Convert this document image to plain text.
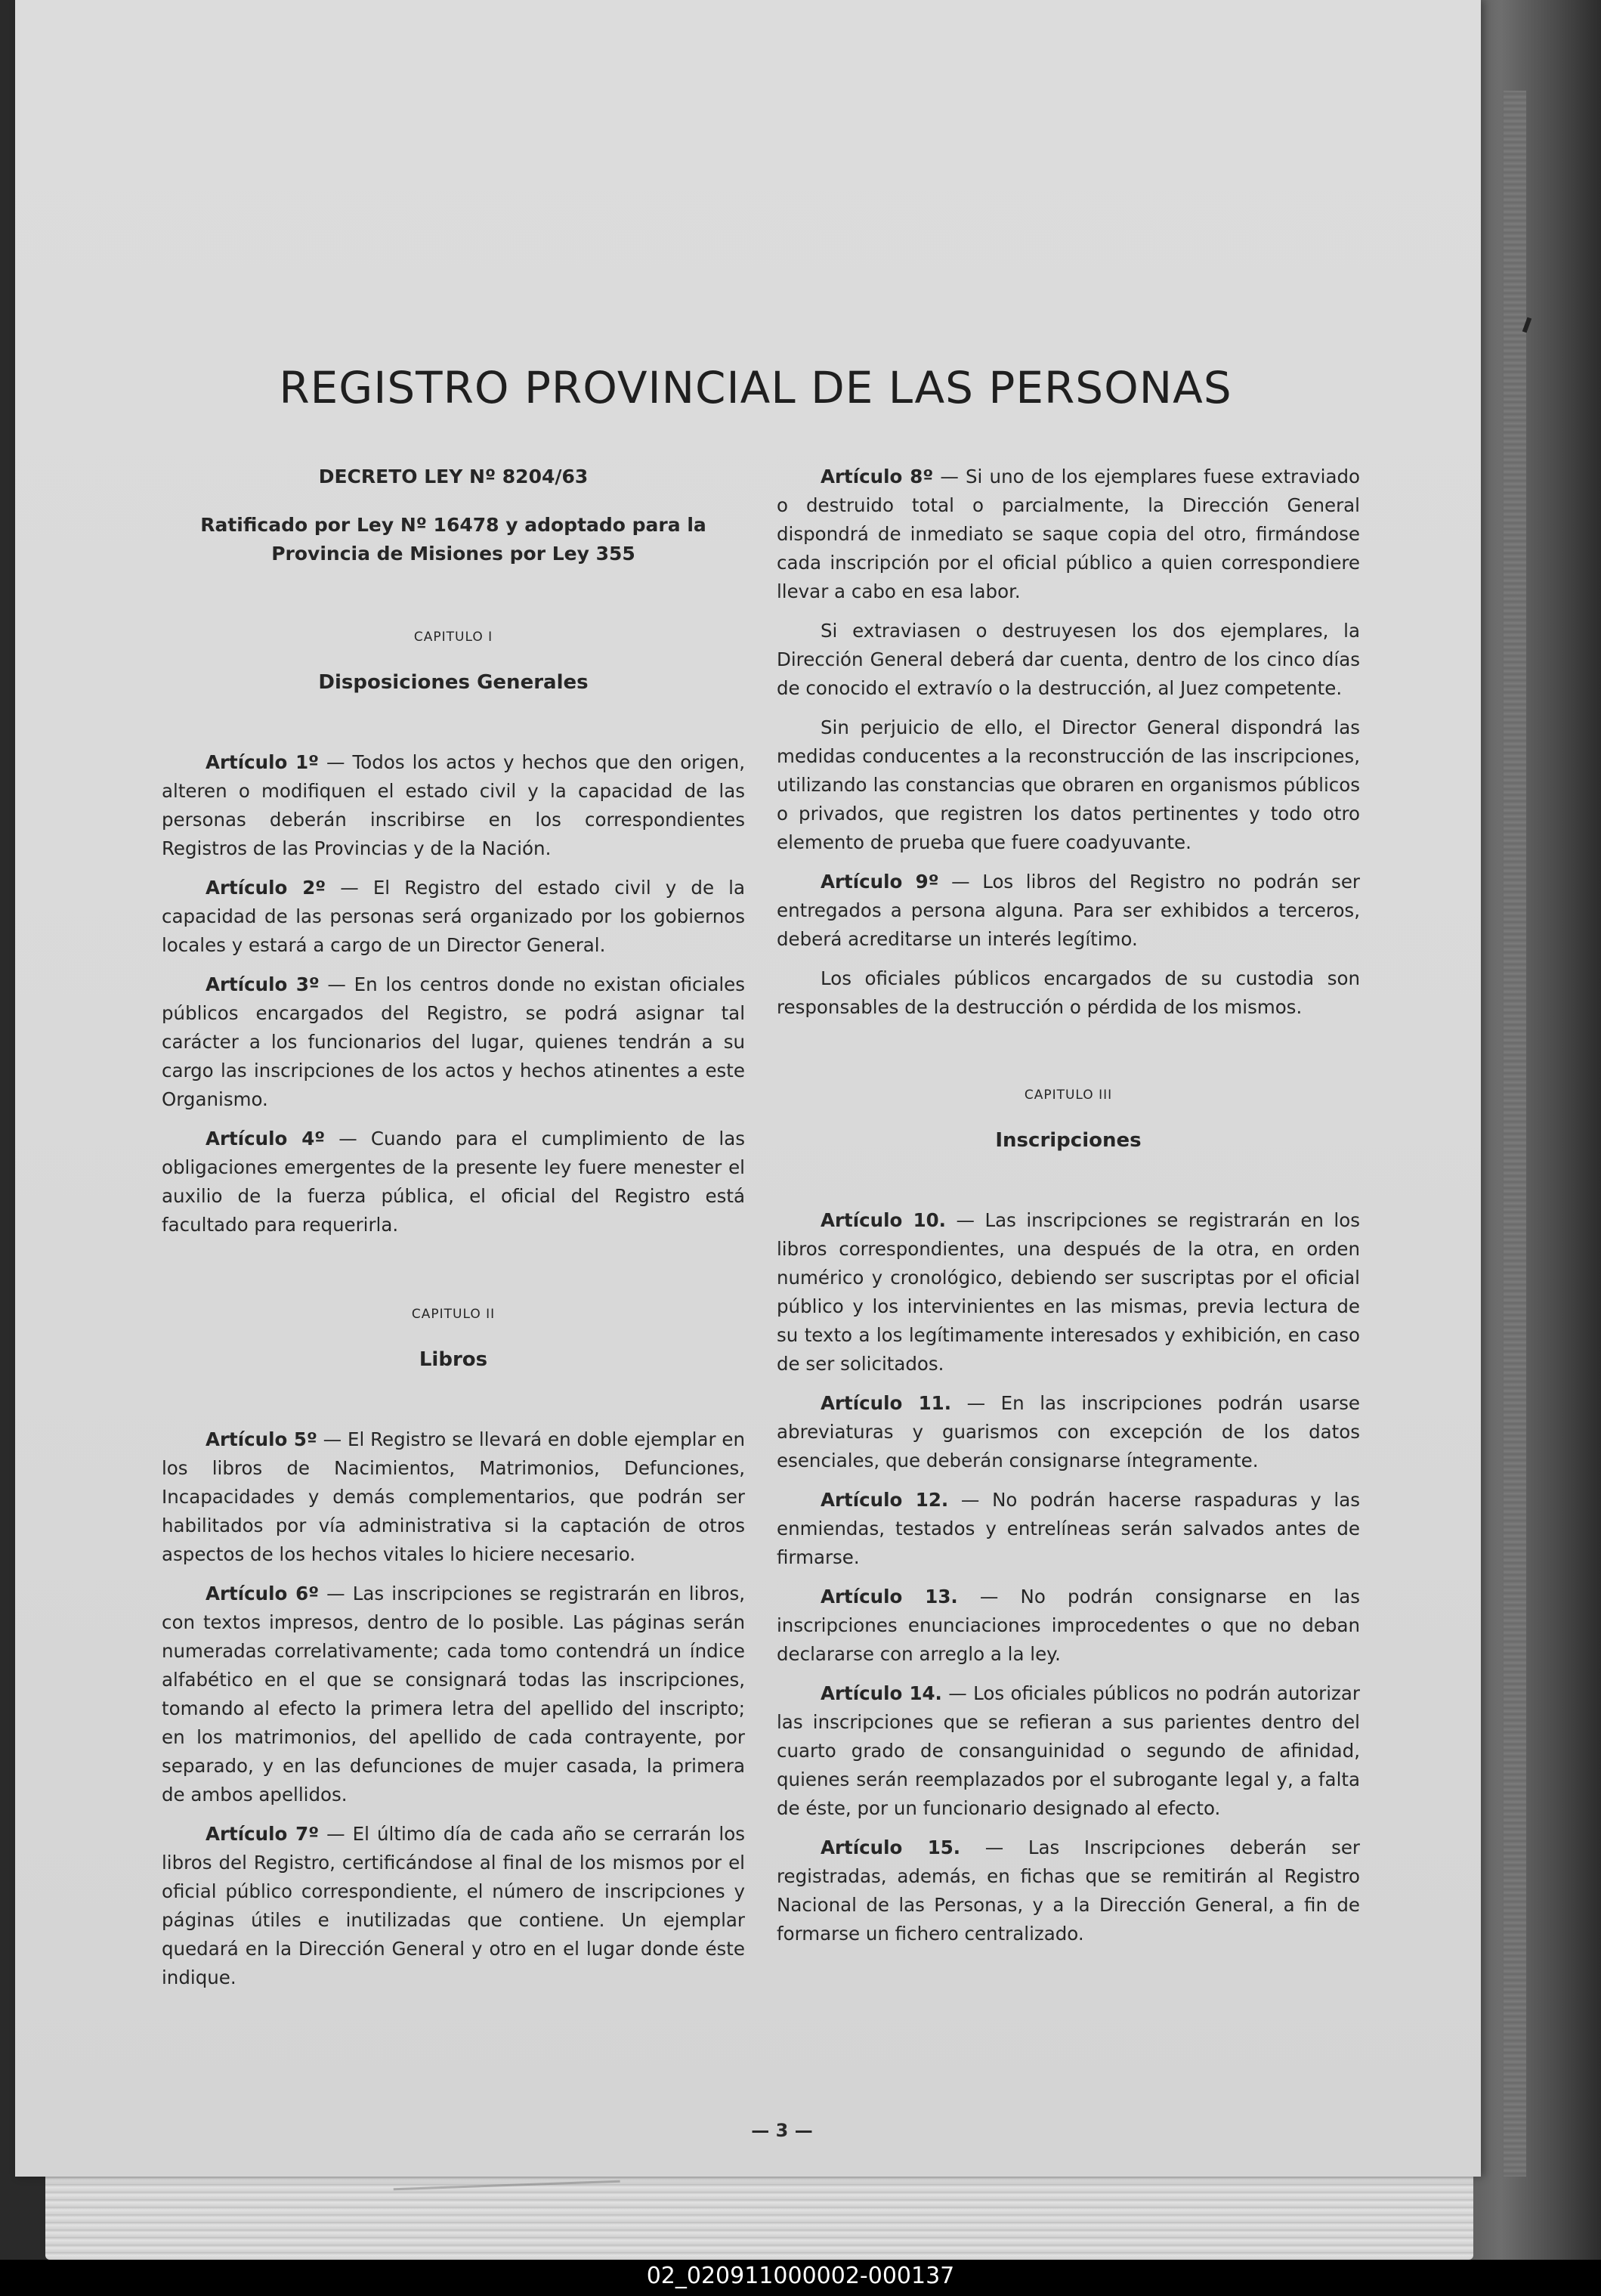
REGISTRO PROVINCIAL DE LAS PERSONAS
DECRETO LEY Nº 8204/63
Ratificado por Ley Nº 16478 y adoptado para la Provincia de Misiones por Ley 355
CAPITULO I
Disposiciones Generales

Artículo 1º — Todos los actos y hechos que den origen, alteren o modifiquen el estado civil y la capacidad de las personas deberán inscribirse en los correspondientes Registros de las Provincias y de la Nación.

Artículo 2º — El Registro del estado civil y de la capacidad de las personas será organizado por los gobiernos locales y estará a cargo de un Director General.

Artículo 3º — En los centros donde no existan oficiales públicos encargados del Registro, se podrá asignar tal carácter a los funcionarios del lugar, quienes tendrán a su cargo las inscripciones de los actos y hechos atinentes a este Organismo.

Artículo 4º — Cuando para el cumplimiento de las obligaciones emergentes de la presente ley fuere menester el auxilio de la fuerza pública, el oficial del Registro está facultado para requerirla.

CAPITULO II
Libros

Artículo 5º — El Registro se llevará en doble ejemplar en los libros de Nacimientos, Matrimonios, Defunciones, Incapacidades y demás complementarios, que podrán ser habilitados por vía administrativa si la captación de otros aspectos de los hechos vitales lo hiciere necesario.

Artículo 6º — Las inscripciones se registrarán en libros, con textos impresos, dentro de lo posible. Las páginas serán numeradas correlativamente; cada tomo contendrá un índice alfabético en el que se consignará todas las inscripciones, tomando al efecto la primera letra del apellido del inscripto; en los matrimonios, del apellido de cada contrayente, por separado, y en las defunciones de mujer casada, la primera de ambos apellidos.

Artículo 7º — El último día de cada año se cerrarán los libros del Registro, certificándose al final de los mismos por el oficial público correspondiente, el número de inscripciones y páginas útiles e inutilizadas que contiene. Un ejemplar quedará en la Dirección General y otro en el lugar donde éste indique.

Artículo 8º — Si uno de los ejemplares fuese extraviado o destruido total o parcialmente, la Dirección General dispondrá de inmediato se saque copia del otro, firmándose cada inscripción por el oficial público a quien correspondiere llevar a cabo en esa labor.

Si extraviasen o destruyesen los dos ejemplares, la Dirección General deberá dar cuenta, dentro de los cinco días de conocido el extravío o la destrucción, al Juez competente.

Sin perjuicio de ello, el Director General dispondrá las medidas conducentes a la reconstrucción de las inscripciones, utilizando las constancias que obraren en organismos públicos o privados, que registren los datos pertinentes y todo otro elemento de prueba que fuere coadyuvante.

Artículo 9º — Los libros del Registro no podrán ser entregados a persona alguna. Para ser exhibidos a terceros, deberá acreditarse un interés legítimo.

Los oficiales públicos encargados de su custodia son responsables de la destrucción o pérdida de los mismos.

CAPITULO III
Inscripciones

Artículo 10. — Las inscripciones se registrarán en los libros correspondientes, una después de la otra, en orden numérico y cronológico, debiendo ser suscriptas por el oficial público y los intervinientes en las mismas, previa lectura de su texto a los legítimamente interesados y exhibición, en caso de ser solicitados.

Artículo 11. — En las inscripciones podrán usarse abreviaturas y guarismos con excepción de los datos esenciales, que deberán consignarse íntegramente.

Artículo 12. — No podrán hacerse raspaduras y las enmiendas, testados y entrelíneas serán salvados antes de firmarse.

Artículo 13. — No podrán consignarse en las inscripciones enunciaciones improcedentes o que no deban declararse con arreglo a la ley.

Artículo 14. — Los oficiales públicos no podrán autorizar las inscripciones que se refieran a sus parientes dentro del cuarto grado de consanguinidad o segundo de afinidad, quienes serán reemplazados por el subrogante legal y, a falta de éste, por un funcionario designado al efecto.

Artículo 15. — Las Inscripciones deberán ser registradas, además, en fichas que se remitirán al Registro Nacional de las Personas, y a la Dirección General, a fin de formarse un fichero centralizado.

— 3 —
02_020911000002-000137
